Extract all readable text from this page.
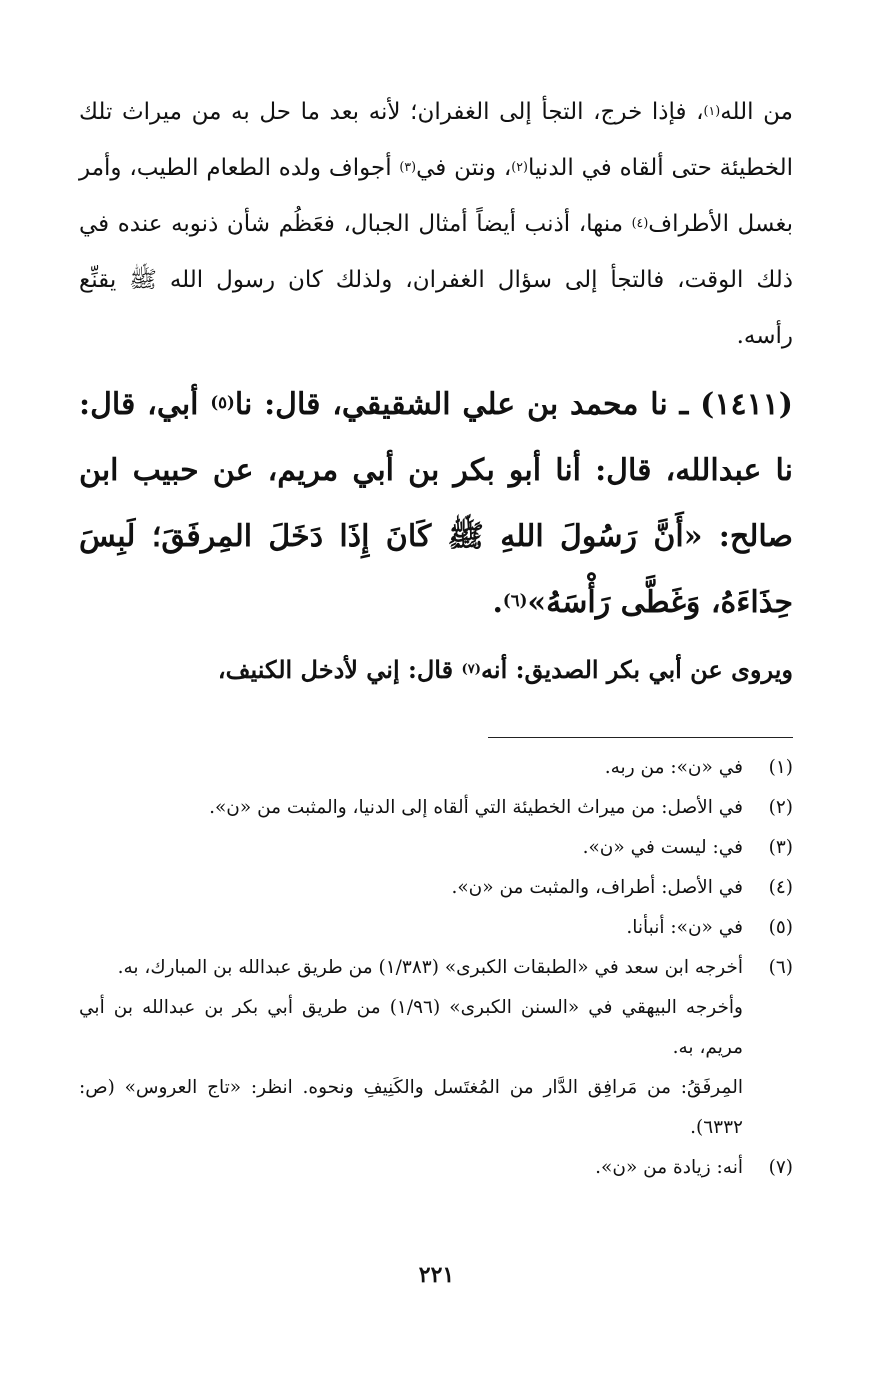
من الله$^{(١)}$، فإذا خرج، التجأ إلى الغفران؛ لأنه بعد ما حل به من ميراث تلك الخطيئة حتى ألقاه في الدنيا$^{(٢)}$، ونتن في$^{(٣)}$ أجواف ولده الطعام الطيب، وأمر بغسل الأطراف$^{(٤)}$ منها، أذنب أيضاً أمثال الجبال، فعَظُم شأن ذنوبه عنده في ذلك الوقت، فالتجأ إلى سؤال الغفران، ولذلك كان رسول الله ﷺ يقنِّع رأسه.

(١٤١١) ـ نا محمد بن علي الشقيقي، قال: نا$^{(٥)}$ أبي، قال: نا عبدالله، قال: أنا أبو بكر بن أبي مريم، عن حبيب ابن صالح: «أَنَّ رَسُولَ اللهِ ﷺ كَانَ إِذَا دَخَلَ المِرفَقَ؛ لَبِسَ حِذَاءَهُ، وَغَطَّى رَأْسَهُ»$^{(٦)}$.

ويروى عن أبي بكر الصديق: أنه$^{(٧)}$ قال: إني لأدخل الكنيف،

(١)
في «ن»: من ربه.
(٢)
في الأصل: من ميراث الخطيئة التي ألقاه إلى الدنيا، والمثبت من «ن».
(٣)
في: ليست في «ن».
(٤)
في الأصل: أطراف، والمثبت من «ن».
(٥)
في «ن»: أنبأنا.
(٦)
أخرجه ابن سعد في «الطبقات الكبرى» (١/٣٨٣) من طريق عبدالله بن المبارك، به.
وأخرجه البيهقي في «السنن الكبرى» (١/٩٦) من طريق أبي بكر بن عبدالله بن أبي مريم، به.
المِرفَقُ: من مَرافِق الدَّار من المُغتَسل والكَنِيفِ ونحوه. انظر: «تاج العروس» (ص: ٦٣٣٢).
(٧)
أنه: زيادة من «ن».
٢٢١
